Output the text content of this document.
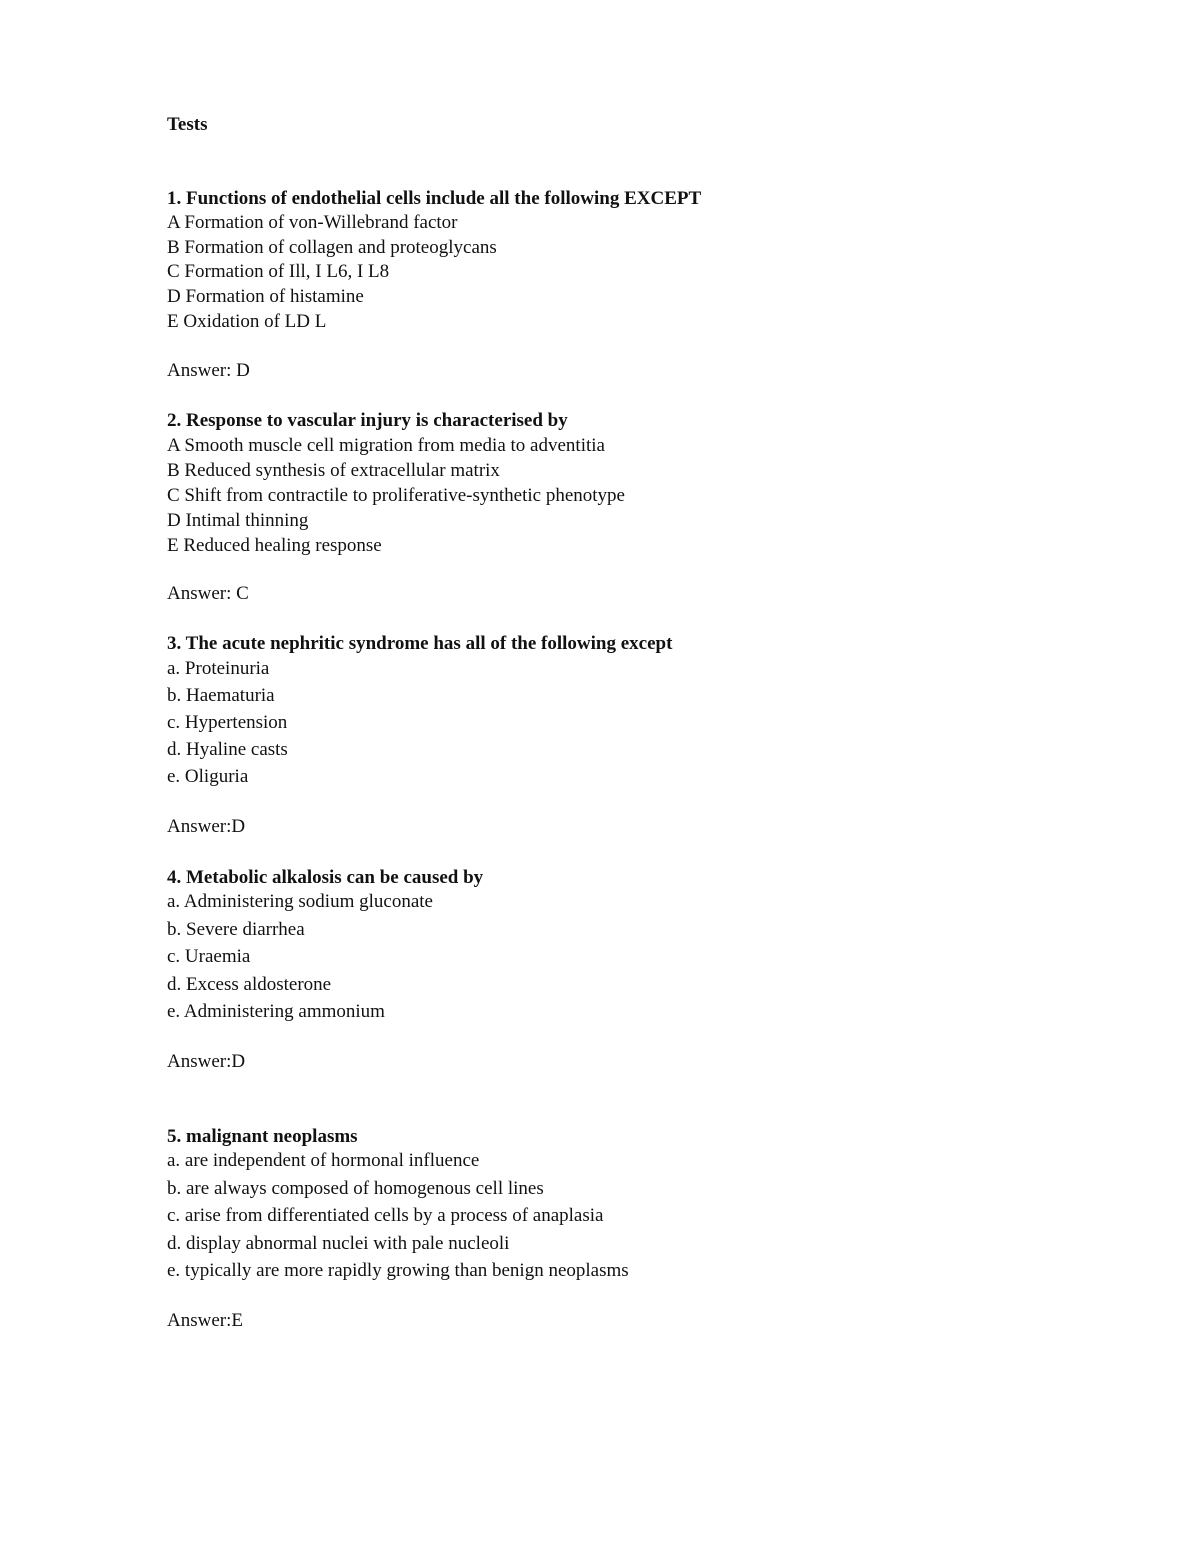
Tests

1. Functions of endothelial cells include all the following EXCEPT

A Formation of von-Willebrand factor

B Formation of collagen and proteoglycans

C Formation of Ill, I L6, I L8

D Formation of histamine

E Oxidation of LD L

Answer: D

2. Response to vascular injury is characterised by

A Smooth muscle cell migration from media to adventitia

B Reduced synthesis of extracellular matrix

C Shift from contractile to proliferative-synthetic phenotype

D Intimal thinning

E Reduced healing response

Answer: C

3. The acute nephritic syndrome has all of the following except

a. Proteinuria

b. Haematuria

c. Hypertension

d. Hyaline casts

e. Oliguria

Answer:D

4. Metabolic alkalosis can be caused by

a. Administering sodium gluconate

b. Severe diarrhea

c. Uraemia

d. Excess aldosterone

e. Administering ammonium

Answer:D

5. malignant neoplasms

a. are independent of hormonal influence

b. are always composed of homogenous cell lines

c. arise from differentiated cells by a process of anaplasia

d. display abnormal nuclei with pale nucleoli

e. typically are more rapidly growing than benign neoplasms

Answer:E
